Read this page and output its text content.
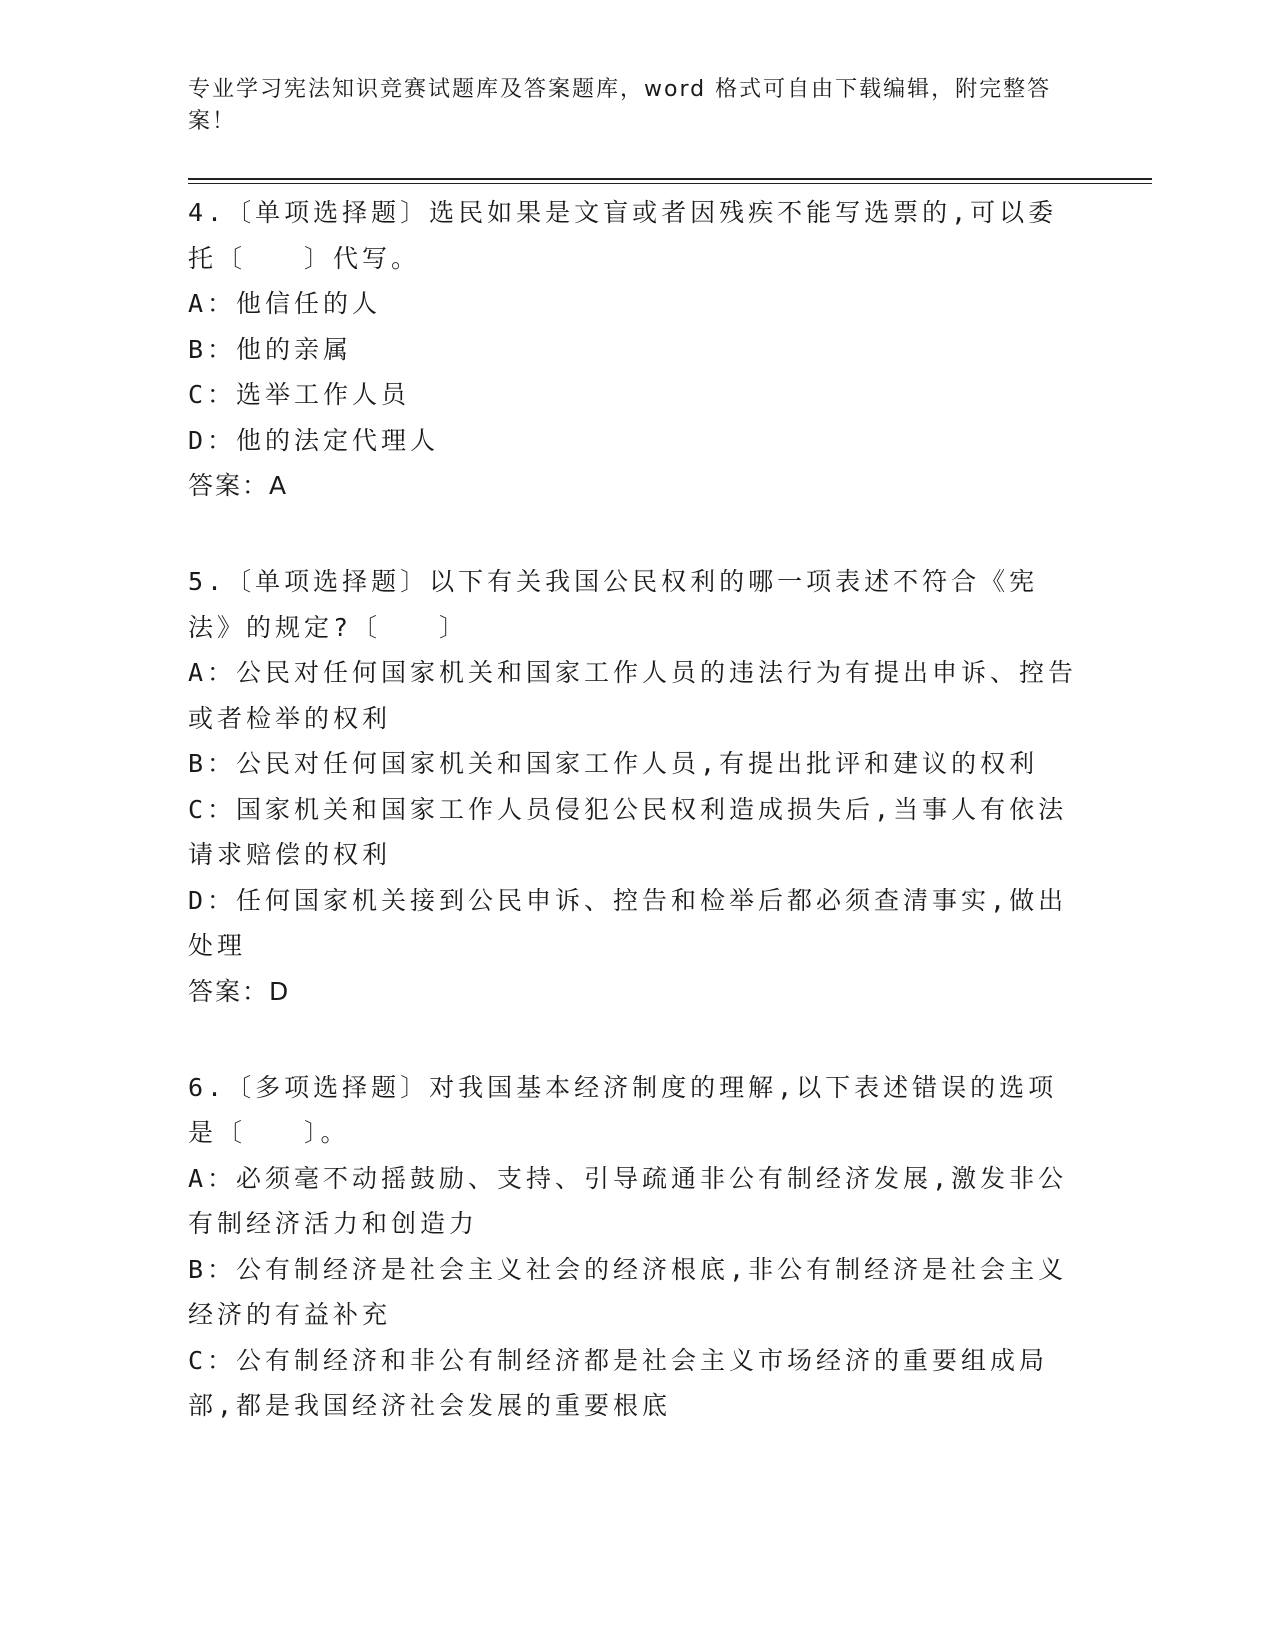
专业学习宪法知识竞赛试题库及答案题库，word 格式可自由下载编辑，附完整答案！
4.〔单项选择题〕选民如果是文盲或者因残疾不能写选票的,可以委托〔　　〕代写。
A：他信任的人
B：他的亲属
C：选举工作人员
D：他的法定代理人
答案：A
5.〔单项选择题〕以下有关我国公民权利的哪一项表述不符合《宪法》的规定?〔　　〕
A：公民对任何国家机关和国家工作人员的违法行为有提出申诉、控告或者检举的权利
B：公民对任何国家机关和国家工作人员,有提出批评和建议的权利
C：国家机关和国家工作人员侵犯公民权利造成损失后,当事人有依法请求赔偿的权利
D：任何国家机关接到公民申诉、控告和检举后都必须查清事实,做出处理
答案：D
6.〔多项选择题〕对我国基本经济制度的理解,以下表述错误的选项是〔　　〕。
A：必须毫不动摇鼓励、支持、引导疏通非公有制经济发展,激发非公有制经济活力和创造力
B：公有制经济是社会主义社会的经济根底,非公有制经济是社会主义经济的有益补充
C：公有制经济和非公有制经济都是社会主义市场经济的重要组成局部,都是我国经济社会发展的重要根底
